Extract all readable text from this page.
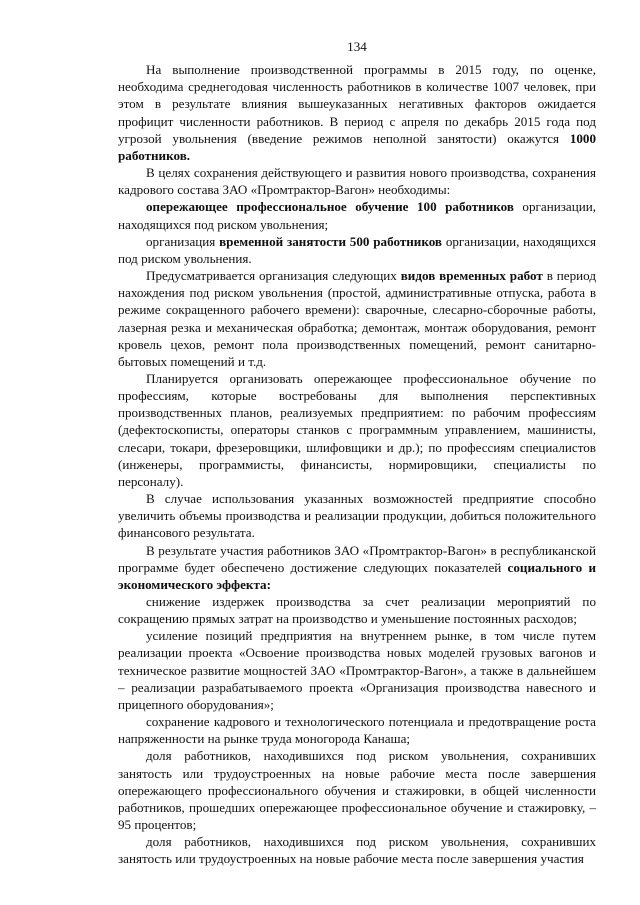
134

На выполнение производственной программы в 2015 году, по оценке, необходима среднегодовая численность работников в количестве 1007 человек, при этом в результате влияния вышеуказанных негативных факторов ожидается профицит численности работников. В период с апреля по декабрь 2015 года под угрозой увольнения (введение режимов неполной занятости) окажутся 1000 работников.

В целях сохранения действующего и развития нового производства, сохранения кадрового состава ЗАО «Промтрактор-Вагон» необходимы:

опережающее профессиональное обучение 100 работников организации, находящихся под риском увольнения;

организация временной занятости 500 работников организации, находящихся под риском увольнения.

Предусматривается организация следующих видов временных работ в период нахождения под риском увольнения (простой, административные отпуска, работа в режиме сокращенного рабочего времени): сварочные, слесарно-сборочные работы, лазерная резка и механическая обработка; демонтаж, монтаж оборудования, ремонт кровель цехов, ремонт пола производственных помещений, ремонт санитарно-бытовых помещений и т.д.

Планируется организовать опережающее профессиональное обучение по профессиям, которые востребованы для выполнения перспективных производственных планов, реализуемых предприятием: по рабочим профессиям (дефектоскописты, операторы станков с программным управлением, машинисты, слесари, токари, фрезеровщики, шлифовщики и др.); по профессиям специалистов (инженеры, программисты, финансисты, нормировщики, специалисты по персоналу).

В случае использования указанных возможностей предприятие способно увеличить объемы производства и реализации продукции, добиться положительного финансового результата.

В результате участия работников ЗАО «Промтрактор-Вагон» в республиканской программе будет обеспечено достижение следующих показателей социального и экономического эффекта:

снижение издержек производства за счет реализации мероприятий по сокращению прямых затрат на производство и уменьшение постоянных расходов;

усиление позиций предприятия на внутреннем рынке, в том числе путем реализации проекта «Освоение производства новых моделей грузовых вагонов и техническое развитие мощностей ЗАО «Промтрактор-Вагон», а также в дальнейшем – реализации разрабатываемого проекта «Организация производства навесного и прицепного оборудования»;

сохранение кадрового и технологического потенциала и предотвращение роста напряженности на рынке труда моногорода Канаша;

доля работников, находившихся под риском увольнения, сохранивших занятость или трудоустроенных на новые рабочие места после завершения опережающего профессионального обучения и стажировки, в общей численности работников, прошедших опережающее профессиональное обучение и стажировку, – 95 процентов;

доля работников, находившихся под риском увольнения, сохранивших занятость или трудоустроенных на новые рабочие места после завершения участия
